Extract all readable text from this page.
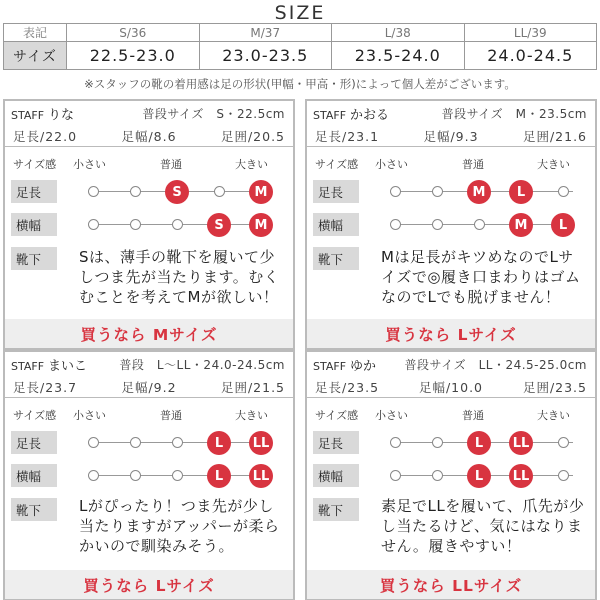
SIZE
表記	S/36	M/37	L/38	LL/39
サイズ	22.5-23.0	23.0-23.5	23.5-24.0	24.0-24.5
※スタッフの靴の着用感は足の形状(甲幅・甲高・形)によって個人差がございます。
STAFF りな	普段サイズ　S・22.5cm
足長/22.0	足幅/8.6	足囲/20.5
サイズ感 小さい	普通	大きい
足長	S	M
横幅	S	M
靴下	Sは、薄手の靴下を履いて少しつま先が当たります。むくむことを考えてMが欲しい！
買うなら Mサイズ
STAFF かおる	普段サイズ　M・23.5cm
足長/23.1	足幅/9.3	足囲/21.6
サイズ感 小さい	普通	大きい
足長	M	L
横幅	M	L
靴下	Mは足長がキツめなのでLサイズで◎履き口まわりはゴムなのでLでも脱げません！
買うなら Lサイズ
STAFF まいこ	普段　L～LL・24.0-24.5cm
足長/23.7	足幅/9.2	足囲/21.5
サイズ感 小さい	普通	大きい
足長	L	LL
横幅	L	LL
靴下	Lがぴったり！つま先が少し当たりますがアッパーが柔らかいので馴染みそう。
買うなら Lサイズ
STAFF ゆか 普段サイズ　LL・24.5-25.0cm
足長/23.5	足幅/10.0	足囲/23.5
サイズ感 小さい	普通	大きい
足長	L	LL
横幅	L	LL
靴下	素足でLLを履いて、爪先が少し当たるけど、気にはなりません。履きやすい！
買うなら LLサイズ
